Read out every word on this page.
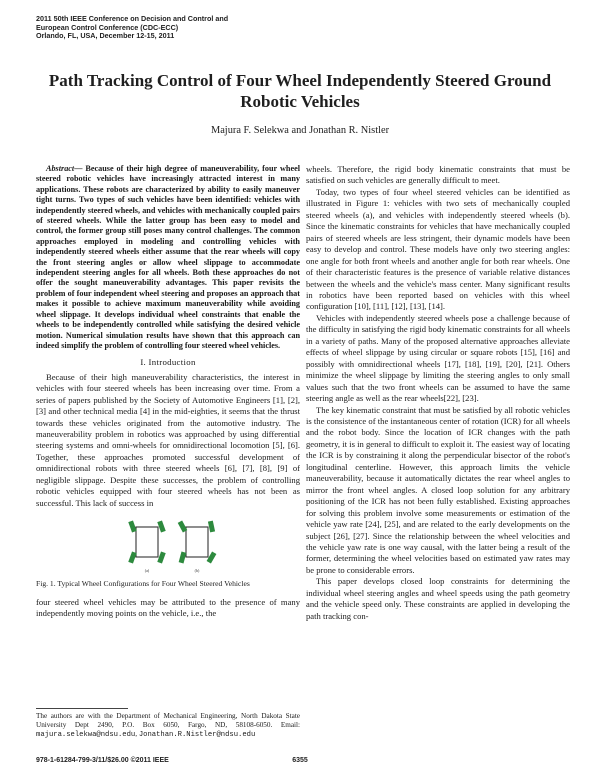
2011 50th IEEE Conference on Decision and Control and
European Control Conference (CDC-ECC)
Orlando, FL, USA, December 12-15, 2011
Path Tracking Control of Four Wheel Independently Steered Ground Robotic Vehicles
Majura F. Selekwa and Jonathan R. Nistler

Abstract— Because of their high degree of maneuverability, four wheel steered robotic vehicles have increasingly attracted interest in many applications. These robots are characterized by ability to easily maneuver tight turns. Two types of such vehicles have been identified: vehicles with independently steered wheels, and vehicles with mechanically coupled pairs of steered wheels. While the latter group has been easy to model and control, the former group still poses many control challenges. The common approaches employed in modeling and controlling vehicles with independently steered wheels either assume that the rear wheels will copy the front steering angles or allow wheel slippage to accommodate independent steering angles for all wheels. Both these approaches do not offer the sought maneuverability advantages. This paper revisits the problem of four independent wheel steering and proposes an approach that makes it possible to achieve maximum maneuverability while avoiding wheel slippage. It develops individual wheel constraints that enable the wheels to be independently controlled while satisfying the desired vehicle motion. Numerical simulation results have shown that this approach can indeed simplify the problem of controlling four steered wheel vehicles.

I. Introduction

Because of their high maneuverability characteristics, the interest in vehicles with four steered wheels has been increasing over time. From a series of papers published by the Society of Automotive Engineers [1], [2], [3] and other technical media [4] in the mid-eighties, it seems that the thrust towards these vehicles originated from the automotive industry. The maneuverability problem in robotics was approached by using differential steering systems and omni-wheels for omnidirectional locomotion [5], [6]. Together, these approaches promoted successful development of omnidirectional robots with three steered wheels [6], [7], [8], [9] of negligible slippage. Despite these successes, the problem of controlling robotic vehicles equipped with four steered wheels has not been as successful. This lack of success in

(a)	(b)
Fig. 1. Typical Wheel Configurations for Four Wheel Steered Vehicles

four steered wheel vehicles may be attributed to the presence of many independently moving points on the vehicle, i.e., the

The authors are with the Department of Mechanical Engineering, North Dakota State University Dept 2490, P.O. Box 6050, Fargo, ND, 58108-6050. Email: majura.selekwa@ndsu.edu, Jonathan.R.Nistler@ndsu.edu

wheels. Therefore, the rigid body kinematic constraints that must be satisfied on such vehicles are generally difficult to meet.

Today, two types of four wheel steered vehicles can be identified as illustrated in Figure 1: vehicles with two sets of mechanically coupled steered wheels (a), and vehicles with independently steered wheels (b). Since the kinematic constraints for vehicles that have mechanically coupled pairs of steered wheels are less stringent, their dynamic models have been easy to develop and control. These models have only two steering angles: one angle for both front wheels and another angle for both rear wheels. One of their characteristic features is the presence of variable relative distances between the wheels and the vehicle's mass center. Many significant results in robotics have been reported based on vehicles with this wheel configuration [10], [11], [12], [13], [14].

Vehicles with independently steered wheels pose a challenge because of the difficulty in satisfying the rigid body kinematic constraints for all wheels in a variety of paths. Many of the proposed alternative approaches alleviate effects of wheel slippage by using circular or square robots [15], [16] and possibly with omnidirectional wheels [17], [18], [19], [20], [21]. Others minimize the wheel slippage by limiting the steering angles to only small values such that the two front wheels can be assumed to have the same steering angle as well as the rear wheels[22], [23].

The key kinematic constraint that must be satisfied by all robotic vehicles is the consistence of the instantaneous center of rotation (ICR) for all wheels and the robot body. Since the location of ICR changes with the path geometry, it is in general to difficult to exploit it. The easiest way of locating the ICR is by constraining it along the perpendicular bisector of the robot's longitudinal centerline. However, this approach limits the vehicle maneuverability, because it automatically dictates the rear wheel angles to mirror the front wheel angles. A closed loop solution for any arbitrary positioning of the ICR has not been fully established. Existing approaches for solving this problem involve some measurements or estimation of the vehicle yaw rate [24], [25], and are related to the early developments on the subject [26], [27]. Since the relationship between the wheel velocities and the vehicle yaw rate is one way causal, with the latter being a result of the former, determining the wheel velocities based on estimated yaw rates may be prone to considerable errors.

This paper develops closed loop constraints for determining the individual wheel steering angles and wheel speeds using the path geometry and the vehicle speed only. These constraints are applied in developing the path tracking con-

978-1-61284-799-3/11/$26.00 ©2011 IEEE	6355
